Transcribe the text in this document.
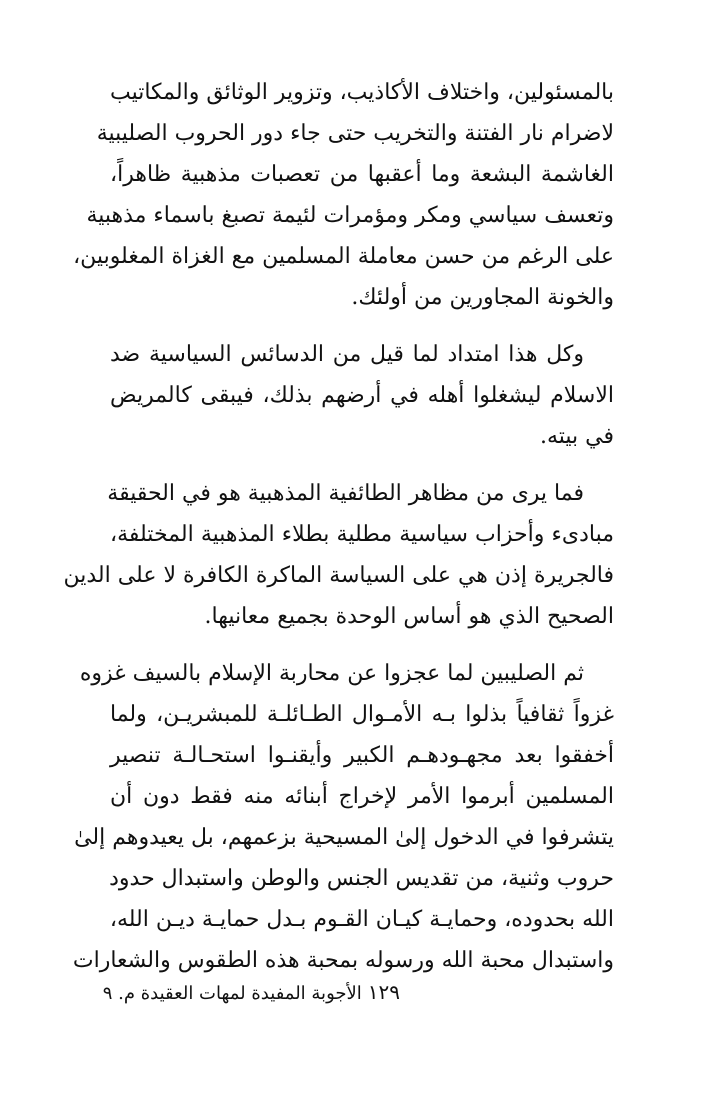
بالمسئولين، واختلاف الأكاذيب، وتزوير الوثائق والمكاتيب
لاضرام نار الفتنة والتخريب حتى جاء دور الحروب الصليبية
الغاشمة البشعة وما أعقبها من تعصبات مذهبية ظاهراً،
وتعسف سياسي ومكر ومؤمرات لئيمة تصبغ باسماء مذهبية
على الرغم من حسن معاملة المسلمين مع الغزاة المغلوبين،
والخونة المجاورين من أولئك.
وكل هذا امتداد لما قيل من الدسائس السياسية ضد
الاسلام ليشغلوا أهله في أرضهم بذلك، فيبقى كالمريض
في بيته.
فما يرى من مظاهر الطائفية المذهبية هو في الحقيقة
مبادىء وأحزاب سياسية مطلية بطلاء المذهبية المختلفة،
فالجريرة إذن هي على السياسة الماكرة الكافرة لا على الدين
الصحيح الذي هو أساس الوحدة بجميع معانيها.
ثم الصليبين لما عجزوا عن محاربة الإسلام بالسيف غزوه
غزواً ثقافياً بذلوا بـه الأمـوال الطـائلـة للمبشريـن، ولما
أخفقوا بعد مجهـودهـم الكبير وأيقنـوا استحـالـة تنصير
المسلمين أبرموا الأمر لإخراج أبنائه منه فقط دون أن
يتشرفوا في الدخول إلىٰ المسيحية بزعمهم، بل يعيدوهم إلىٰ
حروب وثنية، من تقديس الجنس والوطن واستبدال حدود
الله بحدوده، وحمايـة كيـان القـوم بـدل حمايـة ديـن الله،
واستبدال محبة الله ورسوله بمحبة هذه الطقوس والشعارات
١٢٩
الأجوبة المفيدة لمهات العقيدة م. ٩
